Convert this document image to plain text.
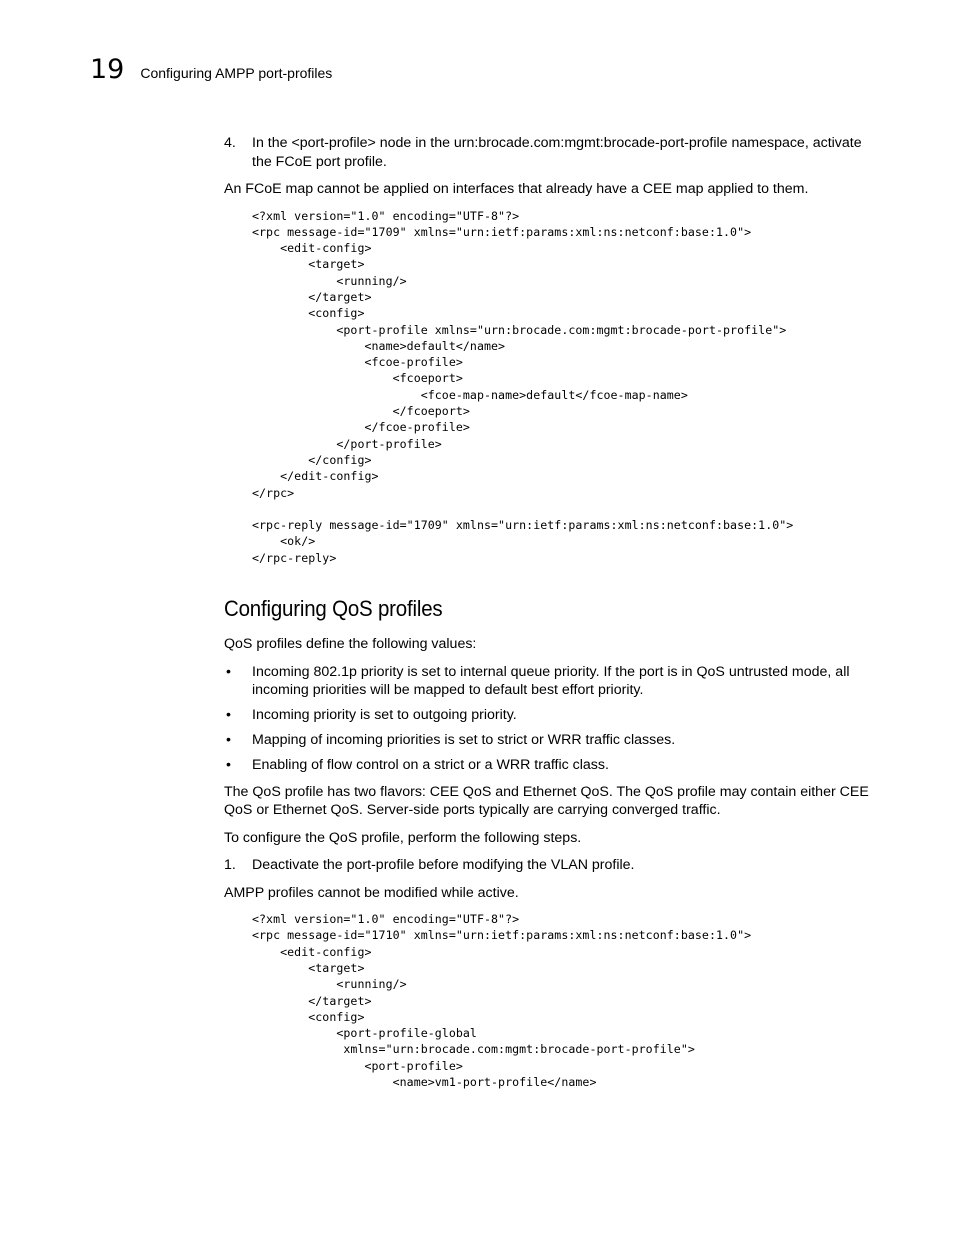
19 Configuring AMPP port-profiles
4.	In the <port-profile> node in the urn:brocade.com:mgmt:brocade-port-profile namespace, activate the FCoE port profile.

An FCoE map cannot be applied on interfaces that already have a CEE map applied to them.

<?xml version="1.0" encoding="UTF-8"?>
<rpc message-id="1709" xmlns="urn:ietf:params:xml:ns:netconf:base:1.0">
<edit-config>
<target>
<running/>
</target>
<config>
<port-profile xmlns="urn:brocade.com:mgmt:brocade-port-profile">
<name>default</name>
<fcoe-profile>
<fcoeport>
<fcoe-map-name>default</fcoe-map-name>
</fcoeport>
</fcoe-profile>
</port-profile>
</config>
</edit-config>
</rpc>

<rpc-reply message-id="1709" xmlns="urn:ietf:params:xml:ns:netconf:base:1.0">
<ok/>
</rpc-reply>
Configuring QoS profiles

QoS profiles define the following values:

•	Incoming 802.1p priority is set to internal queue priority. If the port is in QoS untrusted mode, all incoming priorities will be mapped to default best effort priority.
•	Incoming priority is set to outgoing priority.
•	Mapping of incoming priorities is set to strict or WRR traffic classes.
•	Enabling of flow control on a strict or a WRR traffic class.

The QoS profile has two flavors: CEE QoS and Ethernet QoS. The QoS profile may contain either CEE QoS or Ethernet QoS. Server-side ports typically are carrying converged traffic.

To configure the QoS profile, perform the following steps.

1.	Deactivate the port-profile before modifying the VLAN profile.

AMPP profiles cannot be modified while active.

<?xml version="1.0" encoding="UTF-8"?>
<rpc message-id="1710" xmlns="urn:ietf:params:xml:ns:netconf:base:1.0">
<edit-config>
<target>
<running/>
</target>
<config>
<port-profile-global
xmlns="urn:brocade.com:mgmt:brocade-port-profile">
<port-profile>
<name>vm1-port-profile</name>
